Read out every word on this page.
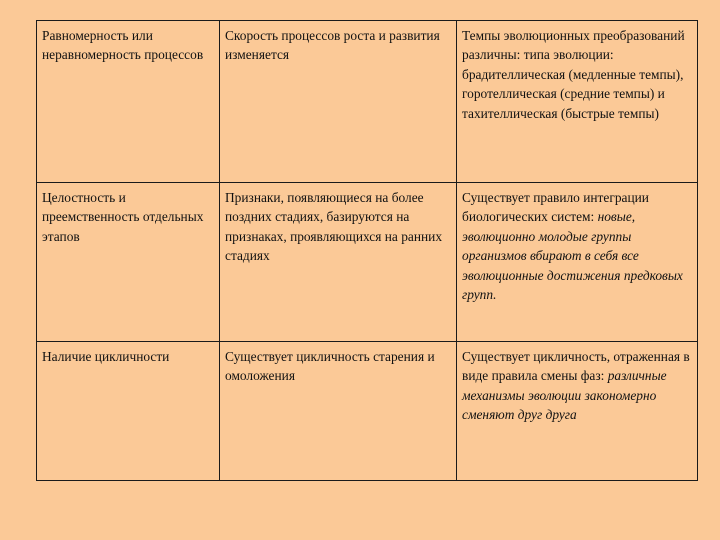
Равномерность или неравномерность процессов	Скорость процессов роста и развития изменяется	Темпы эволюционных преобразований различны: типа эволюции: брадителлическая (медленные темпы), горотеллическая (средние темпы) и тахителлическая (быстрые темпы)
Целостность и преемственность отдельных этапов	Признаки, появляющиеся на более поздних стадиях, базируются на признаках, проявляющихся на ранних стадиях	Существует правило интеграции биологических систем: новые, эволюционно молодые группы организмов вбирают в себя все эволюционные достижения предковых групп.
Наличие цикличности	Существует цикличность старения и омоложения	Существует цикличность, отраженная в виде правила смены фаз: различные механизмы эволюции закономерно сменяют друг друга
